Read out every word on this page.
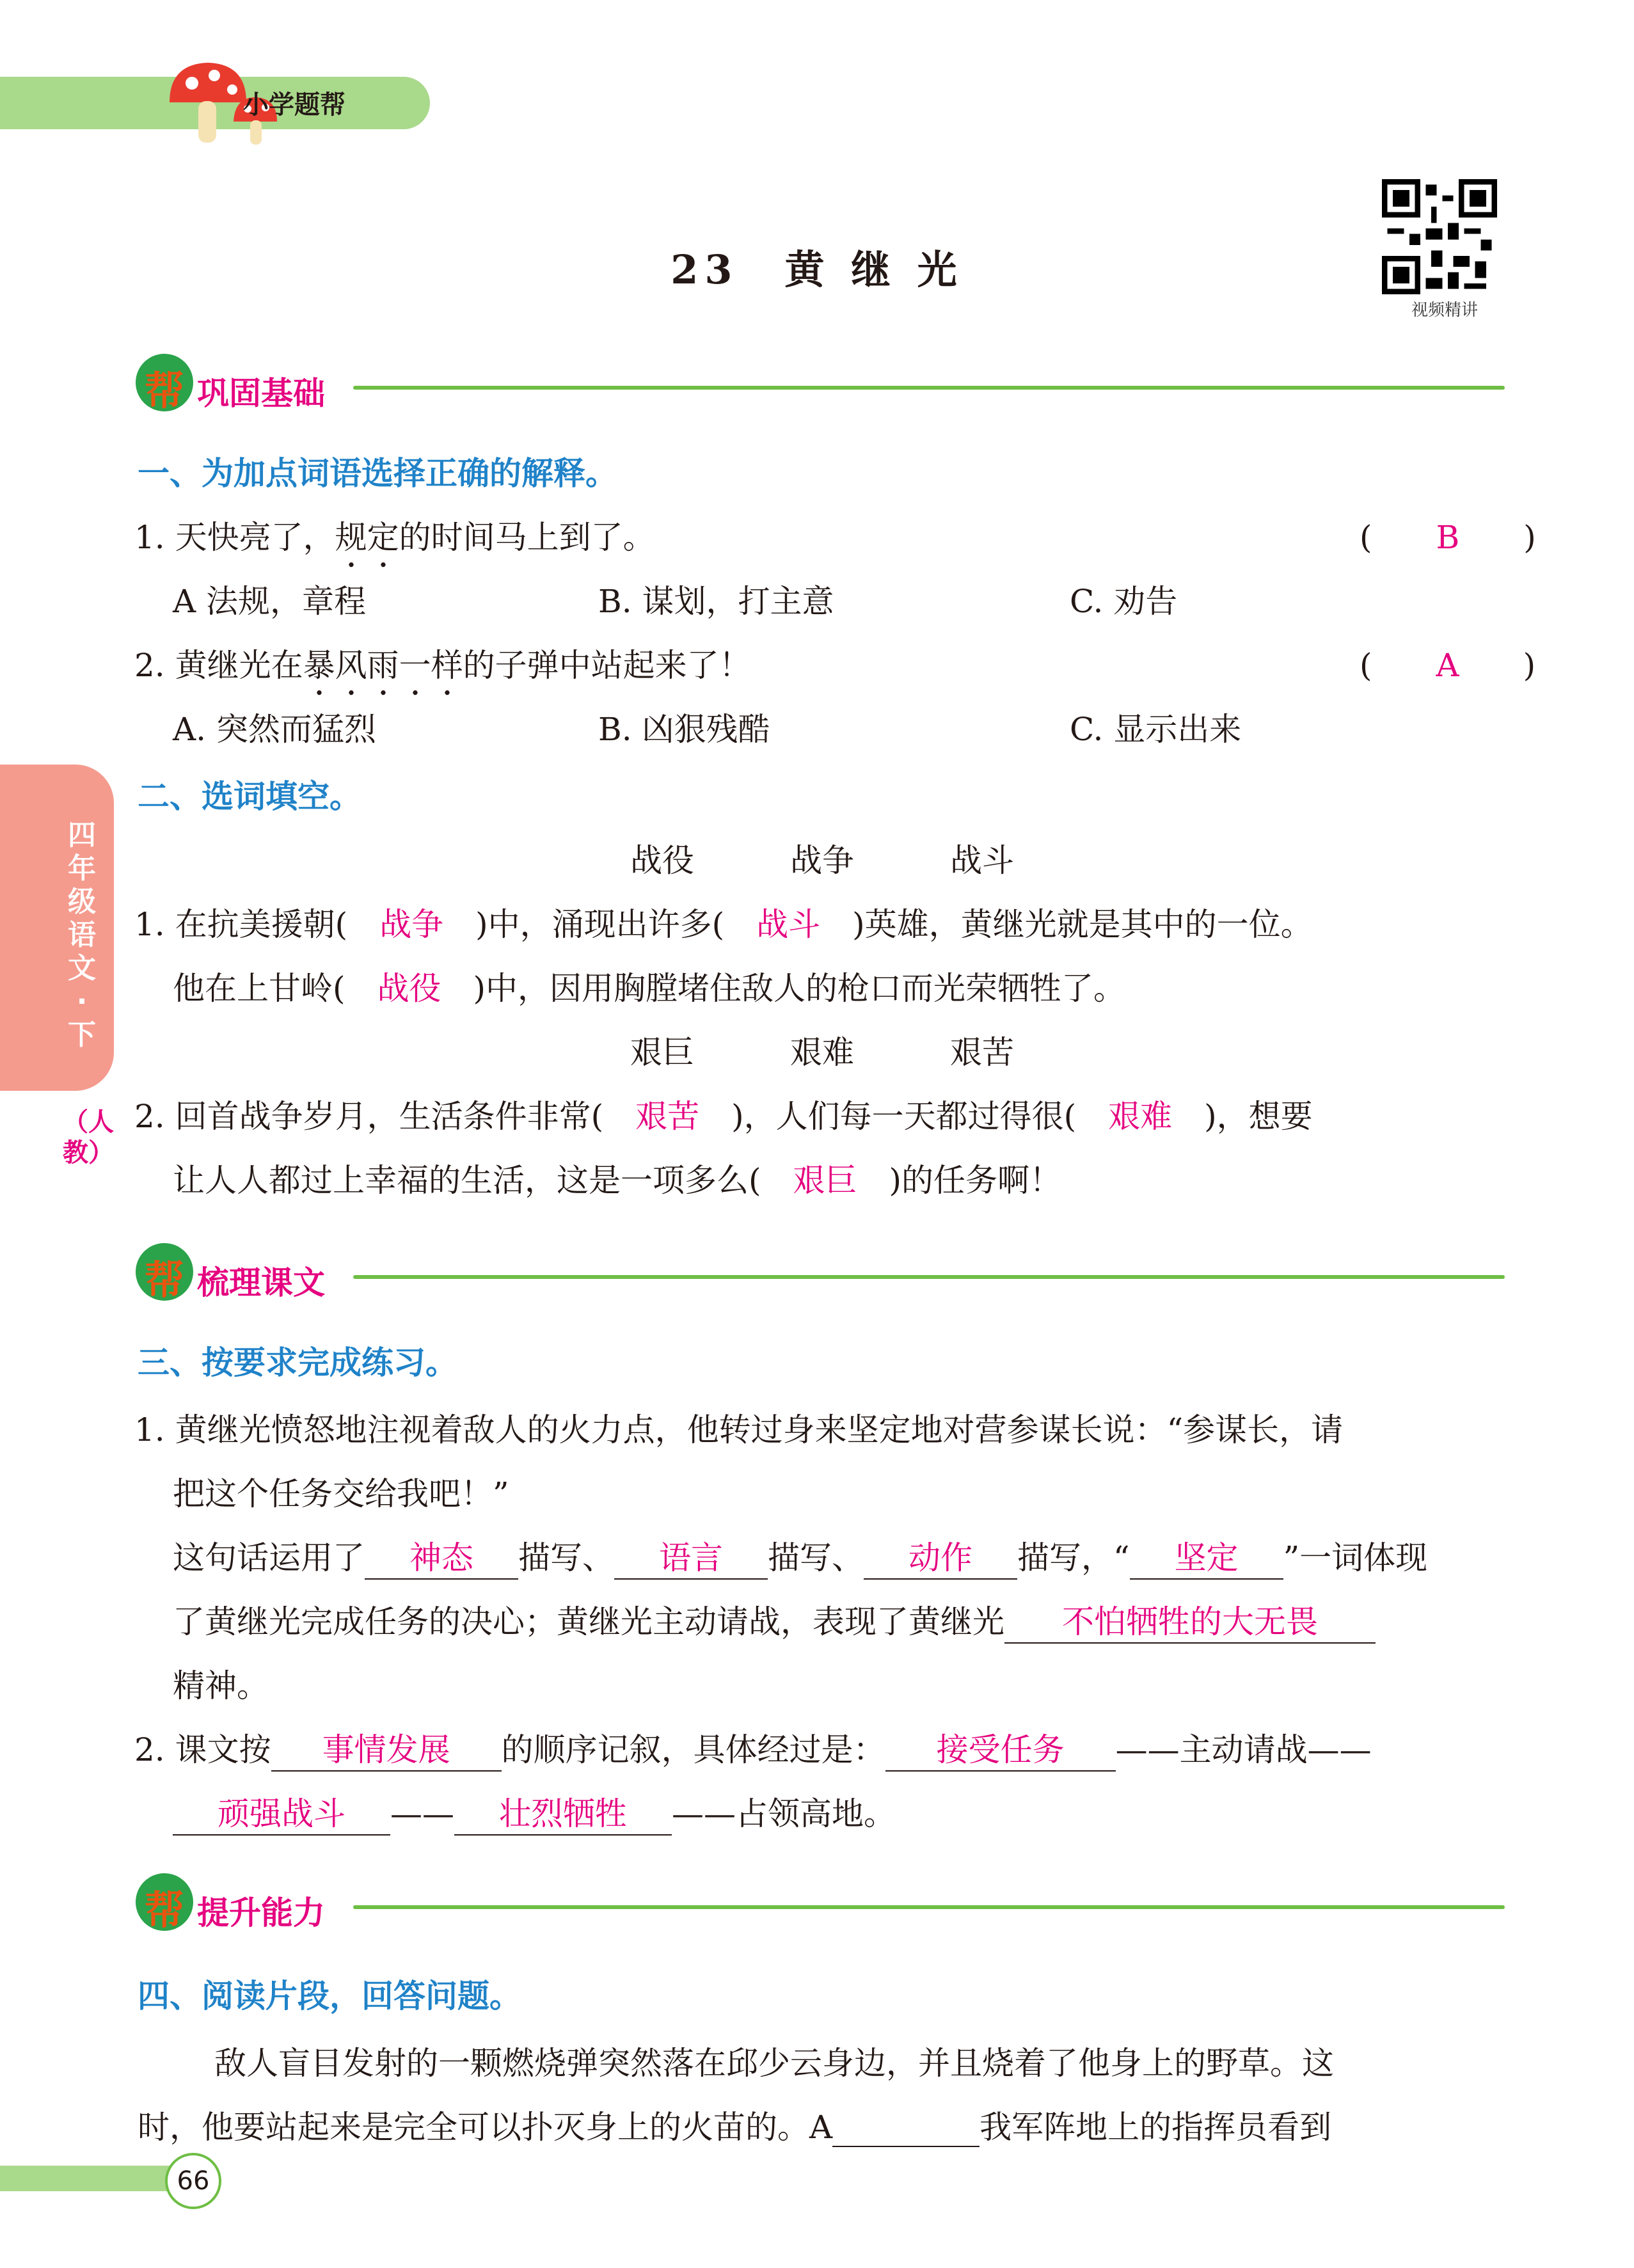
小学题帮
23　黄 继 光
视频精讲
四年级语文·下
（人教）
帮 巩固基础
一、为加点词语选择正确的解释。
1. 天快亮了，规定的时间马上到了。	(　　B　　)
A 法规，章程	B. 谋划，打主意	C. 劝告
2. 黄继光在暴风雨一样的子弹中站起来了！	(　　A　　)
A. 突然而猛烈	B. 凶狠残酷	C. 显示出来
二、选词填空。
战役　　　	战争　　　	战斗
1. 在抗美援朝(　 战争　 )中，涌现出许多(　 战斗　 )英雄，黄继光就是其中的一位。
他在上甘岭(　 战役　 )中，因用胸膛堵住敌人的枪口而光荣牺牲了。
艰巨　　　	艰难　　　	艰苦
2. 回首战争岁月，生活条件非常(　 艰苦　 )，人们每一天都过得很(　 艰难　 )，想要
让人人都过上幸福的生活，这是一项多么(　 艰巨　 )的任务啊！
帮 梳理课文
三、按要求完成练习。
1. 黄继光愤怒地注视着敌人的火力点，他转过身来坚定地对营参谋长说：“参谋长，请
把这个任务交给我吧！”
这句话运用了 神态 描写、 语言 描写、 动作 描写，“ 坚定 ”一词体现
了黄继光完成任务的决心；黄继光主动请战，表现了黄继光 不怕牺牲的大无畏
精神。
2. 课文按 事情发展 的顺序记叙，具体经过是： 接受任务 ——主动请战——
顽强战斗 —— 壮烈牺牲 ——占领高地。
帮 提升能力
四、阅读片段，回答问题。
敌人盲目发射的一颗燃烧弹突然落在邱少云身边，并且烧着了他身上的野草。这
时，他要站起来是完全可以扑灭身上的火苗的。A	我军阵地上的指挥员看到
66
